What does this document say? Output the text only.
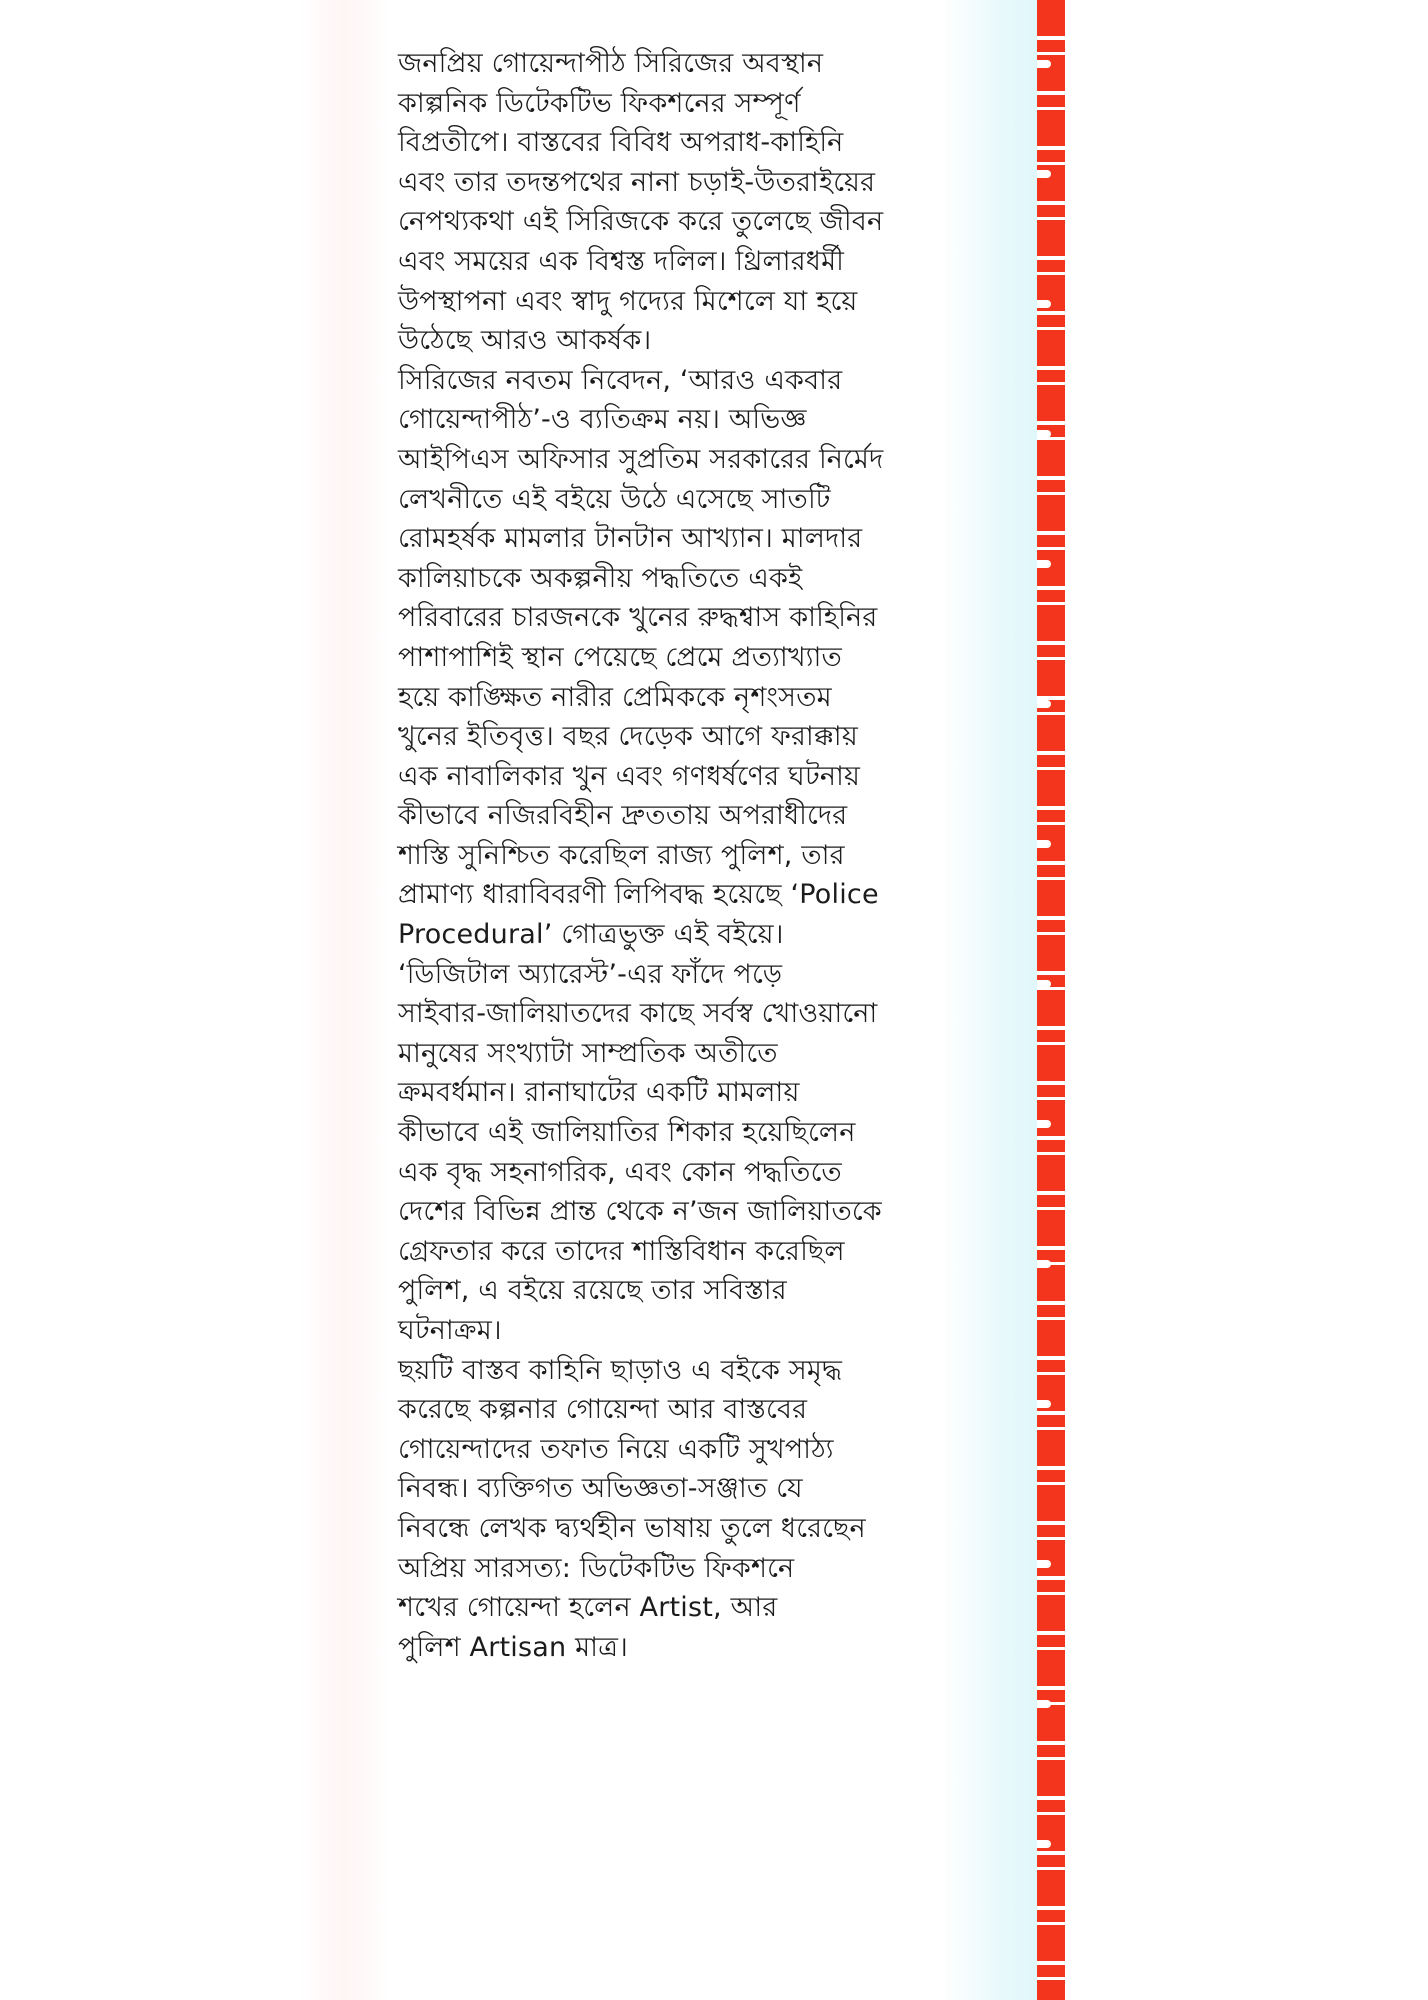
জনপ্রিয় গোয়েন্দাপীঠ সিরিজের অবস্থান
কাল্পনিক ডিটেকটিভ ফিকশনের সম্পূর্ণ
বিপ্রতীপে। বাস্তবের বিবিধ অপরাধ-কাহিনি
এবং তার তদন্তপথের নানা চড়াই-উতরাইয়ের
নেপথ্যকথা এই সিরিজকে করে তুলেছে জীবন
এবং সময়ের এক বিশ্বস্ত দলিল। থ্রিলারধর্মী
উপস্থাপনা এবং স্বাদু গদ্যের মিশেলে যা হয়ে
উঠেছে আরও আকর্ষক।

সিরিজের নবতম নিবেদন, ‘আরও একবার
গোয়েন্দাপীঠ’-ও ব্যতিক্রম নয়। অভিজ্ঞ
আইপিএস অফিসার সুপ্রতিম সরকারের নির্মেদ
লেখনীতে এই বইয়ে উঠে এসেছে সাতটি
রোমহর্ষক মামলার টানটান আখ্যান। মালদার
কালিয়াচকে অকল্পনীয় পদ্ধতিতে একই
পরিবারের চারজনকে খুনের রুদ্ধশ্বাস কাহিনির
পাশাপাশিই স্থান পেয়েছে প্রেমে প্রত্যাখ্যাত
হয়ে কাঙ্ক্ষিত নারীর প্রেমিককে নৃশংসতম
খুনের ইতিবৃত্ত। বছর দেড়েক আগে ফরাক্কায়
এক নাবালিকার খুন এবং গণধর্ষণের ঘটনায়
কীভাবে নজিরবিহীন দ্রুততায় অপরাধীদের
শাস্তি সুনিশ্চিত করেছিল রাজ্য পুলিশ, তার
প্রামাণ্য ধারাবিবরণী লিপিবদ্ধ হয়েছে ‘Police
Procedural’ গোত্রভুক্ত এই বইয়ে।

‘ডিজিটাল অ্যারেস্ট’-এর ফাঁদে পড়ে
সাইবার-জালিয়াতদের কাছে সর্বস্ব খোওয়ানো
মানুষের সংখ্যাটা সাম্প্রতিক অতীতে
ক্রমবর্ধমান। রানাঘাটের একটি মামলায়
কীভাবে এই জালিয়াতির শিকার হয়েছিলেন
এক বৃদ্ধ সহনাগরিক, এবং কোন পদ্ধতিতে
দেশের বিভিন্ন প্রান্ত থেকে ন’জন জালিয়াতকে
গ্রেফতার করে তাদের শাস্তিবিধান করেছিল
পুলিশ, এ বইয়ে রয়েছে তার সবিস্তার
ঘটনাক্রম।

ছয়টি বাস্তব কাহিনি ছাড়াও এ বইকে সমৃদ্ধ
করেছে কল্পনার গোয়েন্দা আর বাস্তবের
গোয়েন্দাদের তফাত নিয়ে একটি সুখপাঠ্য
নিবন্ধ। ব্যক্তিগত অভিজ্ঞতা-সঞ্জাত যে
নিবন্ধে লেখক দ্ব্যর্থহীন ভাষায় তুলে ধরেছেন
অপ্রিয় সারসত্য: ডিটেকটিভ ফিকশনে
শখের গোয়েন্দা হলেন Artist, আর
পুলিশ Artisan মাত্র।
